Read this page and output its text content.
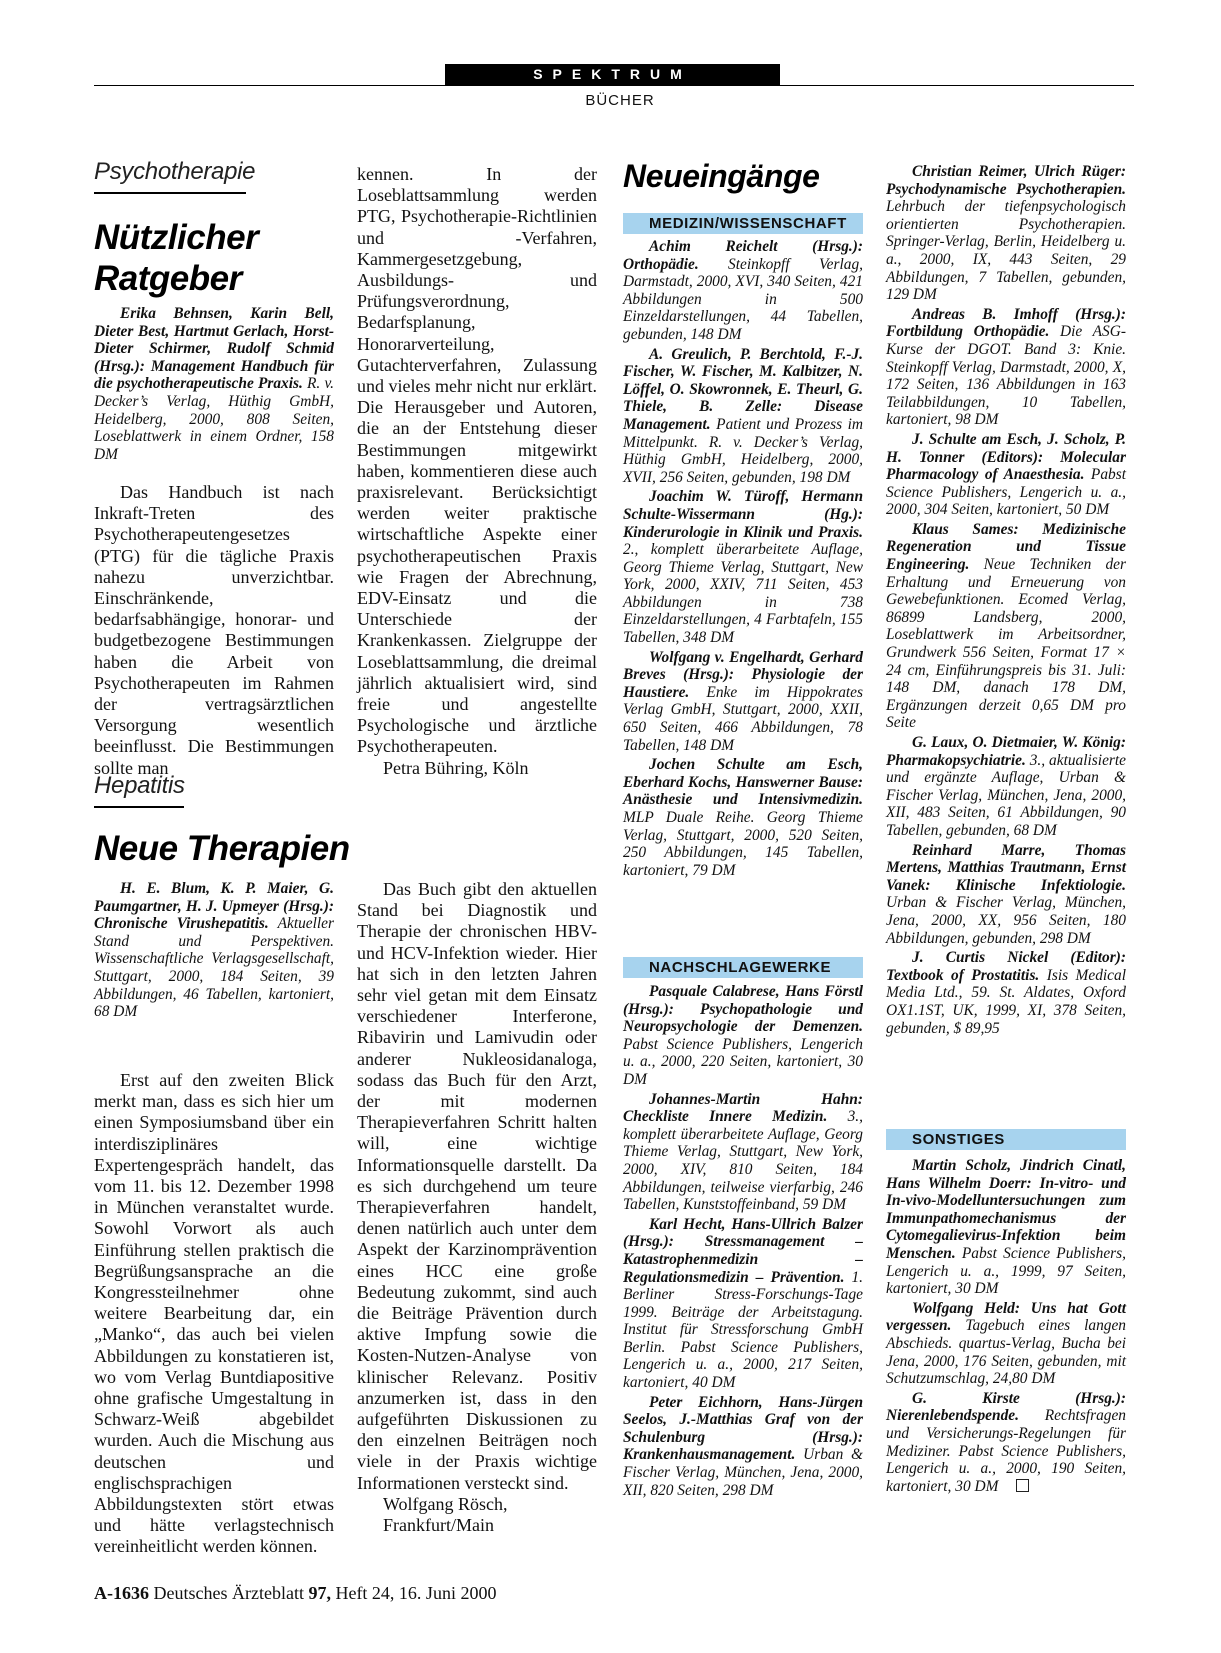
SPEKTRUM
BÜCHER
Psychotherapie
Nützlicher
Ratgeber
Erika Behnsen, Karin Bell, Dieter Best, Hartmut Gerlach, Horst-Dieter Schirmer, Rudolf Schmid (Hrsg.): Management Handbuch für die psychotherapeutische Praxis. R. v. Decker’s Verlag, Hüthig GmbH, Heidelberg, 2000, 808 Seiten, Loseblattwerk in einem Ordner, 158 DM

Das Handbuch ist nach Inkraft-Treten des Psychotherapeutengesetzes (PTG) für die tägliche Praxis nahezu unverzichtbar. Einschränkende, bedarfsabhängige, honorar- und budgetbezogene Bestimmungen haben die Arbeit von Psychotherapeuten im Rahmen der vertragsärztlichen Versorgung wesentlich beeinflusst. Die Bestimmungen sollte man

kennen. In der Loseblattsammlung werden PTG, Psychotherapie-Richtlinien und -Verfahren, Kammergesetzgebung, Ausbildungs- und Prüfungsverordnung, Bedarfsplanung, Honorarverteilung, Gutachterverfahren, Zulassung und vieles mehr nicht nur erklärt. Die Herausgeber und Autoren, die an der Entstehung dieser Bestimmungen mitgewirkt haben, kommentieren diese auch praxisrelevant. Berücksichtigt werden weiter praktische wirtschaftliche Aspekte einer psychotherapeutischen Praxis wie Fragen der Abrechnung, EDV-Einsatz und die Unterschiede der Krankenkassen. Zielgruppe der Loseblattsammlung, die dreimal jährlich aktualisiert wird, sind freie und angestellte Psychologische und ärztliche Psychotherapeuten.

Petra Bühring, Köln
Hepatitis
Neue Therapien
H. E. Blum, K. P. Maier, G. Paumgartner, H. J. Upmeyer (Hrsg.): Chronische Virushepatitis. Aktueller Stand und Perspektiven. Wissenschaftliche Verlagsgesellschaft, Stuttgart, 2000, 184 Seiten, 39 Abbildungen, 46 Tabellen, kartoniert, 68 DM

Erst auf den zweiten Blick merkt man, dass es sich hier um einen Symposiumsband über ein interdisziplinäres Expertengespräch handelt, das vom 11. bis 12. Dezember 1998 in München veranstaltet wurde. Sowohl Vorwort als auch Einführung stellen praktisch die Begrüßungsansprache an die Kongressteilnehmer ohne weitere Bearbeitung dar, ein „Manko“, das auch bei vielen Abbildungen zu konstatieren ist, wo vom Verlag Buntdiapositive ohne grafische Umgestaltung in Schwarz-Weiß abgebildet wurden. Auch die Mischung aus deutschen und englischsprachigen Abbildungstexten stört etwas und hätte verlagstechnisch vereinheitlicht werden können.

Das Buch gibt den aktuellen Stand bei Diagnostik und Therapie der chronischen HBV- und HCV-Infektion wieder. Hier hat sich in den letzten Jahren sehr viel getan mit dem Einsatz verschiedener Interferone, Ribavirin und Lamivudin oder anderer Nukleosidanaloga, sodass das Buch für den Arzt, der mit modernen Therapieverfahren Schritt halten will, eine wichtige Informationsquelle darstellt. Da es sich durchgehend um teure Therapieverfahren handelt, denen natürlich auch unter dem Aspekt der Karzinomprävention eines HCC eine große Bedeutung zukommt, sind auch die Beiträge Prävention durch aktive Impfung sowie die Kosten-Nutzen-Analyse von klinischer Relevanz. Positiv anzumerken ist, dass in den aufgeführten Diskussionen zu den einzelnen Beiträgen noch viele in der Praxis wichtige Informationen versteckt sind.

Wolfgang Rösch,
Frankfurt/Main
Neueingänge
MEDIZIN/WISSENSCHAFT

Achim Reichelt (Hrsg.): Orthopädie. Steinkopff Verlag, Darmstadt, 2000, XVI, 340 Seiten, 421 Abbildungen in 500 Einzeldarstellungen, 44 Tabellen, gebunden, 148 DM

A. Greulich, P. Berchtold, F.-J. Fischer, W. Fischer, M. Kalbitzer, N. Löffel, O. Skowronnek, E. Theurl, G. Thiele, B. Zelle: Disease Management. Patient und Prozess im Mittelpunkt. R. v. Decker’s Verlag, Hüthig GmbH, Heidelberg, 2000, XVII, 256 Seiten, gebunden, 198 DM

Joachim W. Türoff, Hermann Schulte-Wissermann (Hg.): Kinderurologie in Klinik und Praxis. 2., komplett überarbeitete Auflage, Georg Thieme Verlag, Stuttgart, New York, 2000, XXIV, 711 Seiten, 453 Abbildungen in 738 Einzeldarstellungen, 4 Farbtafeln, 155 Tabellen, 348 DM

Wolfgang v. Engelhardt, Gerhard Breves (Hrsg.): Physiologie der Haustiere. Enke im Hippokrates Verlag GmbH, Stuttgart, 2000, XXII, 650 Seiten, 466 Abbildungen, 78 Tabellen, 148 DM

Jochen Schulte am Esch, Eberhard Kochs, Hanswerner Bause: Anästhesie und Intensivmedizin. MLP Duale Reihe. Georg Thieme Verlag, Stuttgart, 2000, 520 Seiten, 250 Abbildungen, 145 Tabellen, kartoniert, 79 DM

NACHSCHLAGEWERKE

Pasquale Calabrese, Hans Förstl (Hrsg.): Psychopathologie und Neuropsychologie der Demenzen. Pabst Science Publishers, Lengerich u. a., 2000, 220 Seiten, kartoniert, 30 DM

Johannes-Martin Hahn: Checkliste Innere Medizin. 3., komplett überarbeitete Auflage, Georg Thieme Verlag, Stuttgart, New York, 2000, XIV, 810 Seiten, 184 Abbildungen, teilweise vierfarbig, 246 Tabellen, Kunststoffeinband, 59 DM

Karl Hecht, Hans-Ullrich Balzer (Hrsg.): Stressmanagement – Katastrophenmedizin – Regulationsmedizin – Prävention. 1. Berliner Stress-Forschungs-Tage 1999. Beiträge der Arbeitstagung. Institut für Stressforschung GmbH Berlin. Pabst Science Publishers, Lengerich u. a., 2000, 217 Seiten, kartoniert, 40 DM

Peter Eichhorn, Hans-Jürgen Seelos, J.-Matthias Graf von der Schulenburg (Hrsg.): Krankenhausmanagement. Urban & Fischer Verlag, München, Jena, 2000, XII, 820 Seiten, 298 DM

Christian Reimer, Ulrich Rüger: Psychodynamische Psychotherapien. Lehrbuch der tiefenpsychologisch orientierten Psychotherapien. Springer-Verlag, Berlin, Heidelberg u. a., 2000, IX, 443 Seiten, 29 Abbildungen, 7 Tabellen, gebunden, 129 DM

Andreas B. Imhoff (Hrsg.): Fortbildung Orthopädie. Die ASG-Kurse der DGOT. Band 3: Knie. Steinkopff Verlag, Darmstadt, 2000, X, 172 Seiten, 136 Abbildungen in 163 Teilabbildungen, 10 Tabellen, kartoniert, 98 DM

J. Schulte am Esch, J. Scholz, P. H. Tonner (Editors): Molecular Pharmacology of Anaesthesia. Pabst Science Publishers, Lengerich u. a., 2000, 304 Seiten, kartoniert, 50 DM

Klaus Sames: Medizinische Regeneration und Tissue Engineering. Neue Techniken der Erhaltung und Erneuerung von Gewebefunktionen. Ecomed Verlag, 86899 Landsberg, 2000, Loseblattwerk im Arbeitsordner, Grundwerk 556 Seiten, Format 17 × 24 cm, Einführungspreis bis 31. Juli: 148 DM, danach 178 DM, Ergänzungen derzeit 0,65 DM pro Seite

G. Laux, O. Dietmaier, W. König: Pharmakopsychiatrie. 3., aktualisierte und ergänzte Auflage, Urban & Fischer Verlag, München, Jena, 2000, XII, 483 Seiten, 61 Abbildungen, 90 Tabellen, gebunden, 68 DM

Reinhard Marre, Thomas Mertens, Matthias Trautmann, Ernst Vanek: Klinische Infektiologie. Urban & Fischer Verlag, München, Jena, 2000, XX, 956 Seiten, 180 Abbildungen, gebunden, 298 DM

J. Curtis Nickel (Editor): Textbook of Prostatitis. Isis Medical Media Ltd., 59. St. Aldates, Oxford OX1.1ST, UK, 1999, XI, 378 Seiten, gebunden, $ 89,95

SONSTIGES

Martin Scholz, Jindrich Cinatl, Hans Wilhelm Doerr: In-vitro- und In-vivo-Modelluntersuchungen zum Immunpathomechanismus der Cytomegalievirus-Infektion beim Menschen. Pabst Science Publishers, Lengerich u. a., 1999, 97 Seiten, kartoniert, 30 DM

Wolfgang Held: Uns hat Gott vergessen. Tagebuch eines langen Abschieds. quartus-Verlag, Bucha bei Jena, 2000, 176 Seiten, gebunden, mit Schutzumschlag, 24,80 DM

G. Kirste (Hrsg.): Nierenlebendspende. Rechtsfragen und Versicherungs-Regelungen für Mediziner. Pabst Science Publishers, Lengerich u. a., 2000, 190 Seiten, kartoniert, 30 DM

A-1636 Deutsches Ärzteblatt 97, Heft 24, 16. Juni 2000
